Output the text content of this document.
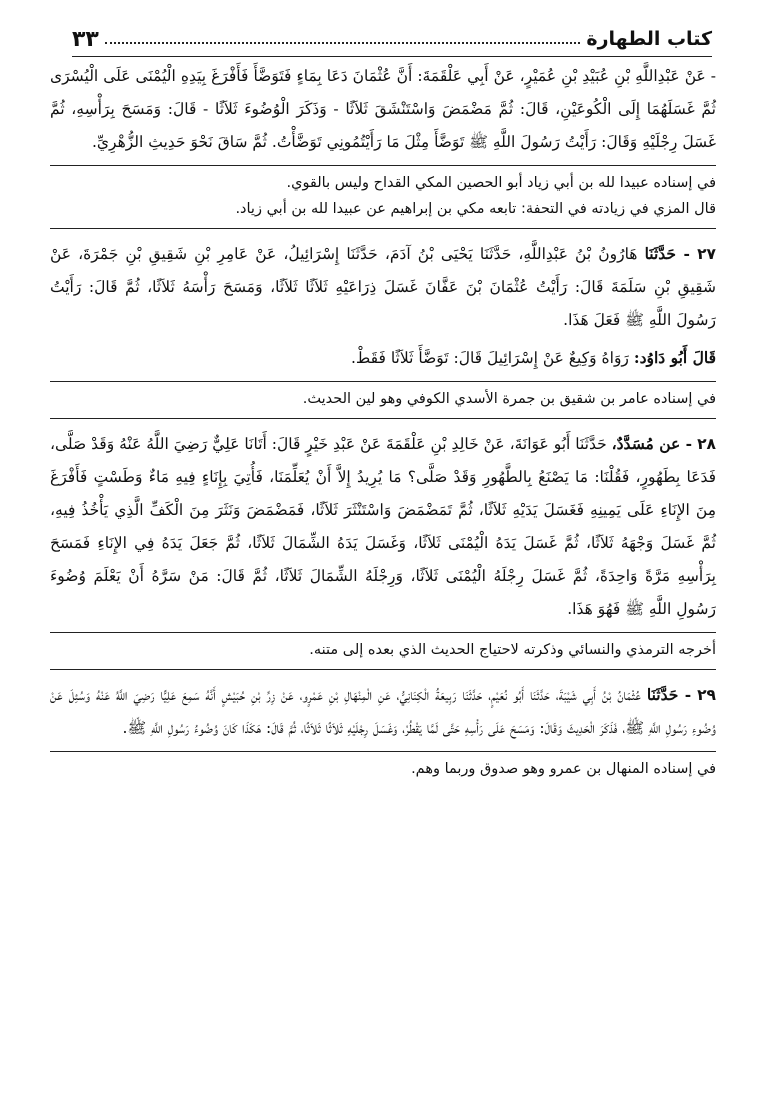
كتاب الطهارة
٣٣

- عَنْ عَبْدِاللَّهِ بْنِ عُبَيْدِ بْنِ عُمَيْرٍ، عَنْ أَبِي عَلْقَمَةَ: أَنَّ عُثْمَانَ دَعَا بِمَاءٍ فَتَوَضَّأَ فَأَفْرَغَ بِيَدِهِ الْيُمْنَى عَلَى الْيُسْرَى ثُمَّ غَسَلَهُمَا إِلَى الْكُوعَيْنِ، قَالَ: ثُمَّ مَضْمَضَ وَاسْتَنْشَقَ ثَلاَثًا - وَذَكَرَ الْوُضُوءَ ثَلاَثًا - قَالَ: وَمَسَحَ بِرَأْسِهِ، ثُمَّ غَسَلَ رِجْلَيْهِ وَقَالَ: رَأَيْتُ رَسُولَ اللَّهِ ﷺ تَوَضَّأَ مِثْلَ مَا رَأَيْتُمُونِي تَوَضَّأْتُ. ثُمَّ سَاقَ نَحْوَ حَدِيثِ الزُّهْرِيِّ.

في إسناده عبيدا لله بن أبي زياد أبو الحصين المكي القداح وليس بالقوي.

قال المزي في زيادته في التحفة: تابعه مكي بن إبراهيم عن عبيدا لله بن أبي زياد.

٢٧ - حَدَّثَنَا هَارُونُ بْنُ عَبْدِاللَّهِ، حَدَّثَنَا يَحْيَى بْنُ آدَمَ، حَدَّثَنَا إِسْرَائِيلُ، عَنْ عَامِرِ بْنِ شَقِيقِ بْنِ جَمْرَةَ، عَنْ شَقِيقِ بْنِ سَلَمَةَ قَالَ: رَأَيْتُ عُثْمَانَ بْنَ عَفَّانَ غَسَلَ ذِرَاعَيْهِ ثَلاَثًا ثَلاَثًا، وَمَسَحَ رَأْسَهُ ثَلاَثًا، ثُمَّ قَالَ: رَأَيْتُ رَسُولَ اللَّهِ ﷺ فَعَلَ هَذَا.

قَالَ أَبُو دَاوُد: رَوَاهُ وَكِيعٌ عَنْ إِسْرَائِيلَ قَالَ: تَوَضَّأَ ثَلاَثًا فَقَطْ.

في إسناده عامر بن شقيق بن جمرة الأسدي الكوفي وهو لين الحديث.

٢٨ - عن مُسَدَّدٌ، حَدَّثَنَا أَبُو عَوَانَةَ، عَنْ خَالِدِ بْنِ عَلْقَمَةَ عَنْ عَبْدِ خَيْرٍ قَالَ: أَتَانَا عَلِيٌّ رَضِيَ اللَّهُ عَنْهُ وَقَدْ صَلَّى، فَدَعَا بِطَهُورٍ، فَقُلْنَا: مَا يَصْنَعُ بِالطَّهُورِ وَقَدْ صَلَّى؟ مَا يُرِيدُ إِلاَّ أَنْ يُعَلِّمَنَا، فَأُتِيَ بِإِنَاءٍ فِيهِ مَاءٌ وَطَسْتٍ فَأَفْرَغَ مِنَ الإِنَاءِ عَلَى يَمِينِهِ فَغَسَلَ يَدَيْهِ ثَلاَثًا، ثُمَّ تَمَضْمَضَ وَاسْتَنْثَرَ ثَلاَثًا، فَمَضْمَضَ وَنَثَرَ مِنَ الْكَفِّ الَّذِي يَأْخُذُ فِيهِ، ثُمَّ غَسَلَ وَجْهَهُ ثَلاَثًا، ثُمَّ غَسَلَ يَدَهُ الْيُمْنَى ثَلاَثًا، وَغَسَلَ يَدَهُ الشِّمَالَ ثَلاَثًا، ثُمَّ جَعَلَ يَدَهُ فِي الإِنَاءِ فَمَسَحَ بِرَأْسِهِ مَرَّةً وَاحِدَةً، ثُمَّ غَسَلَ رِجْلَهُ الْيُمْنَى ثَلاَثًا، وَرِجْلَهُ الشِّمَالَ ثَلاَثًا، ثُمَّ قَالَ: مَنْ سَرَّهُ أَنْ يَعْلَمَ وُضُوءَ رَسُولِ اللَّهِ ﷺ فَهُوَ هَذَا.

أخرجه الترمذي والنسائي وذكرته لاحتياج الحديث الذي بعده إلى متنه.

٢٩ - حَدَّثَنَا عُثْمَانُ بْنُ أَبِي شَيْبَةَ، حَدَّثَنَا أَبُو نُعَيْمٍ، حَدَّثَنَا رَبِيعَةُ الْكِنَانِيُّ، عَنِ الْمِنْهَالِ بْنِ عَمْرٍو، عَنْ زِرِّ بْنِ حُبَيْشٍ أَنَّهُ سَمِعَ عَلِيًّا رَضِيَ اللَّهُ عَنْهُ وَسُئِلَ عَنْ وُضُوءِ رَسُولِ اللَّهِ ﷺ، فَذَكَرَ الْحَدِيثَ وَقَالَ: وَمَسَحَ عَلَى رَأْسِهِ حَتَّى لَمَّا يَقْطُرْ، وَغَسَلَ رِجْلَيْهِ ثَلاَثًا ثَلاَثًا، ثُمَّ قَالَ: هَكَذَا كَانَ وُضُوءُ رَسُولِ اللَّهِ ﷺ.

في إسناده المنهال بن عمرو وهو صدوق وربما وهم.
